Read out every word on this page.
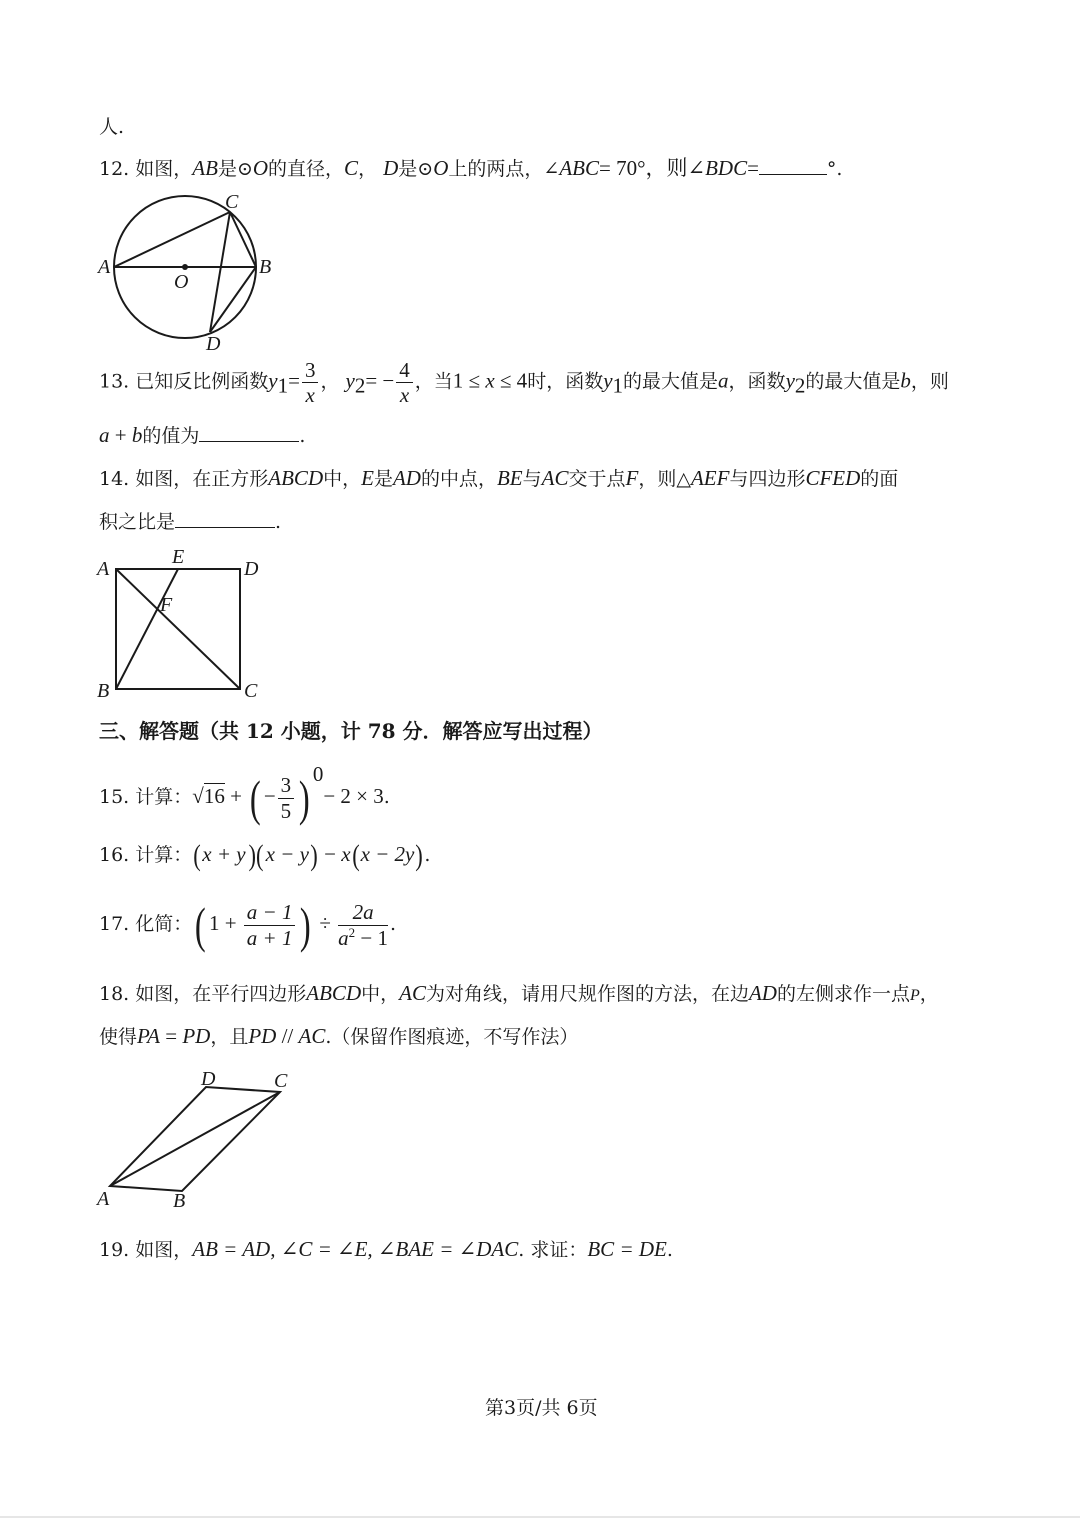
人.
12. 如图，AB是⊙O的直径，C， D是⊙O上的两点，∠ABC= 70°，则∠BDC=	°.
A	B
C
D
O
13. 已知反比例函数$y_1= \frac{3}{x}$ ， $y_2= - \frac{4}{x}$ ，当1 ≤ x ≤ 4时，函数$y_1$的最大值是a，函数$y_2$的最大值是b，则
a + b的值为	.
14. 如图，在正方形ABCD中，E是AD的中点，BE与AC交于点F，则△AEF与四边形CFED的面
积之比是	.
A	D
B	C
E
F
三、解答题（共 12 小题，计 78 分．解答应写出过程）
15. 计算：√16 + ( − $\frac{3}{5}$ ) $^0$− 2 × 3.
16. 计算：(x + y)( x − y) − x(x − 2y).
17. 化简：( $1 + \frac{a - 1}{a + 1}$ ) ÷ $\frac{2a}{a^2 - 1}$ .
18. 如图，在平行四边形ABCD中，AC为对角线，请用尺规作图的方法，在边AD的左侧求作一点P，
使得PA = PD，且PD // AC.（保留作图痕迹，不写作法）
A	B
C
D
19. 如图，AB = AD, ∠C = ∠E, ∠BAE = ∠DAC. 求证：BC = DE.
第3页/共 6页
